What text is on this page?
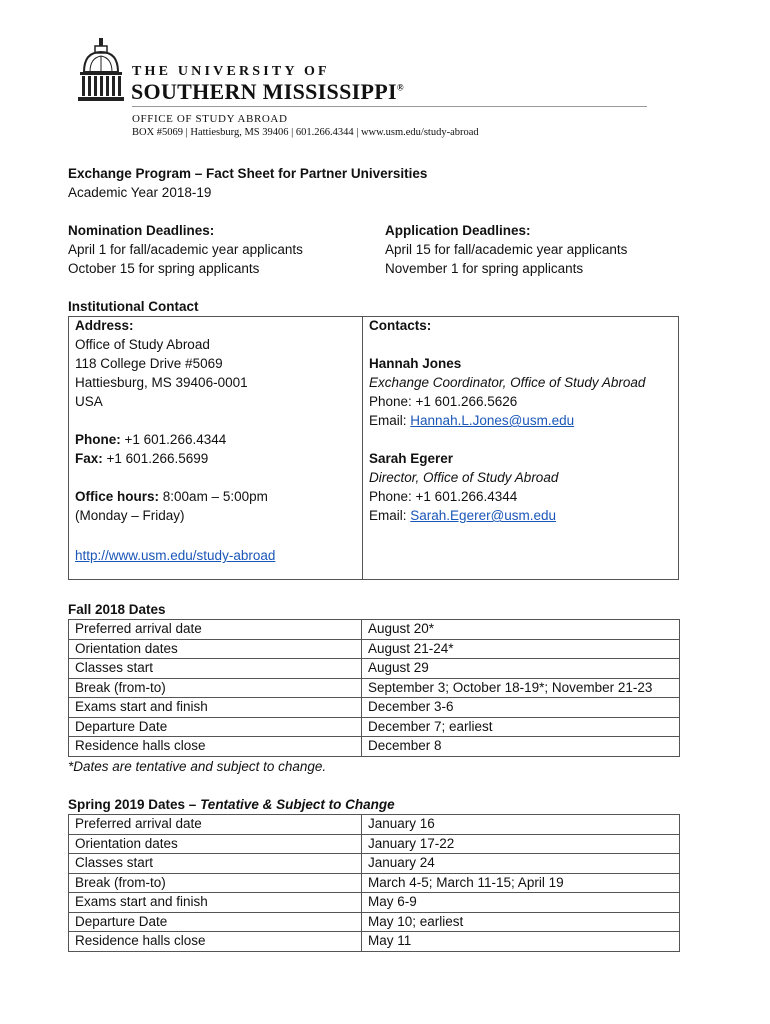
THE UNIVERSITY OF
SOUTHERN MISSISSIPPI®
OFFICE OF STUDY ABROAD
BOX #5069 | Hattiesburg, MS 39406 | 601.266.4344 | www.usm.edu/study-abroad
Exchange Program – Fact Sheet for Partner Universities
Academic Year 2018-19
Nomination Deadlines:
April 1 for fall/academic year applicants
October 15 for spring applicants
Application Deadlines:
April 15 for fall/academic year applicants
November 1 for spring applicants
Institutional Contact
Address:
Office of Study Abroad
118 College Drive #5069
Hattiesburg, MS 39406-0001
USA
Phone: +1 601.266.4344
Fax: +1 601.266.5699
Office hours: 8:00am – 5:00pm
(Monday – Friday)
http://www.usm.edu/study-abroad
Contacts:
Hannah Jones
Exchange Coordinator, Office of Study Abroad
Phone: +1 601.266.5626
Email: Hannah.L.Jones@usm.edu
Sarah Egerer
Director, Office of Study Abroad
Phone: +1 601.266.4344
Email: Sarah.Egerer@usm.edu
Fall 2018 Dates
Preferred arrival date	August 20*
Orientation dates	August 21-24*
Classes start	August 29
Break (from-to)	September 3; October 18-19*; November 21-23
Exams start and finish	December 3-6
Departure Date	December 7; earliest
Residence halls close	December 8
*Dates are tentative and subject to change.
Spring 2019 Dates – Tentative & Subject to Change
Preferred arrival date	January 16
Orientation dates	January 17-22
Classes start	January 24
Break (from-to)	March 4-5; March 11-15; April 19
Exams start and finish	May 6-9
Departure Date	May 10; earliest
Residence halls close	May 11
